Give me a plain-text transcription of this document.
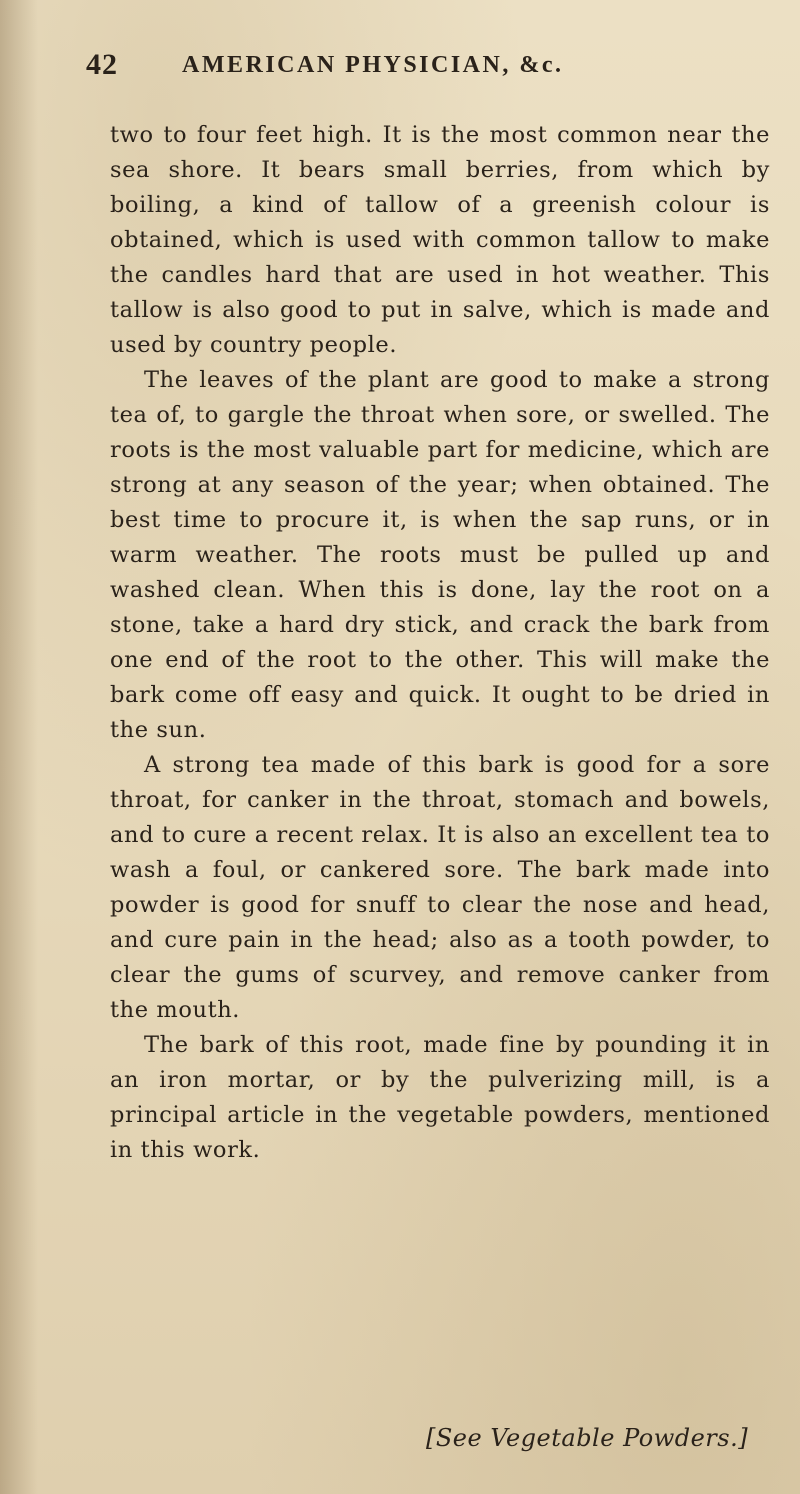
42	AMERICAN PHYSICIAN, &c.

two to four feet high. It is the most common near the sea shore. It bears small berries, from which by boiling, a kind of tallow of a greenish colour is obtained, which is used with common tallow to make the candles hard that are used in hot weather. This tallow is also good to put in salve, which is made and used by country people.

The leaves of the plant are good to make a strong tea of, to gargle the throat when sore, or swelled. The roots is the most valuable part for medicine, which are strong at any season of the year; when obtained. The best time to procure it, is when the sap runs, or in warm weather. The roots must be pulled up and washed clean. When this is done, lay the root on a stone, take a hard dry stick, and crack the bark from one end of the root to the other. This will make the bark come off easy and quick. It ought to be dried in the sun.

A strong tea made of this bark is good for a sore throat, for canker in the throat, stomach and bowels, and to cure a recent relax. It is also an excellent tea to wash a foul, or cankered sore. The bark made into powder is good for snuff to clear the nose and head, and cure pain in the head; also as a tooth powder, to clear the gums of scurvey, and remove canker from the mouth.

The bark of this root, made fine by pounding it in an iron mortar, or by the pulverizing mill, is a principal article in the vegetable powders, mentioned in this work.

[See Vegetable Powders.]
